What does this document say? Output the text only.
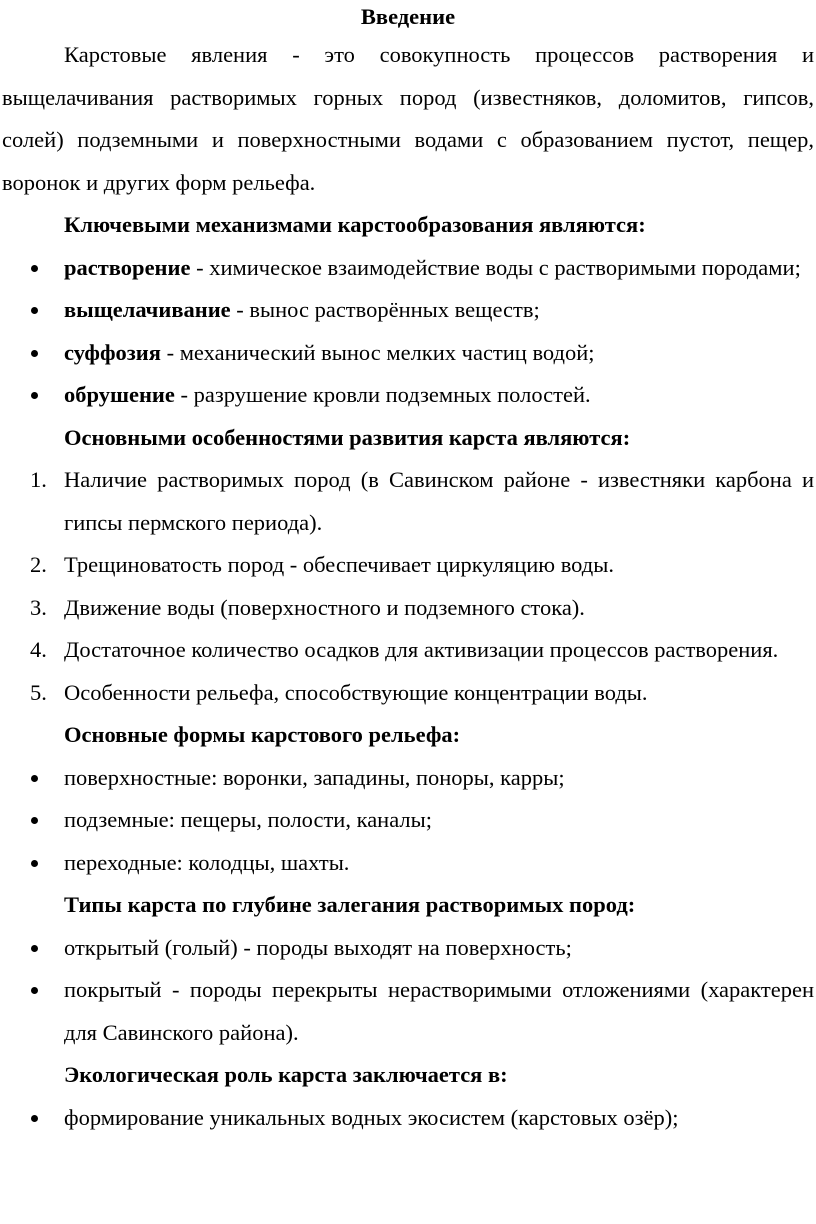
Введение

Карстовые явления - это совокупность процессов растворения и выщелачивания растворимых горных пород (известняков, доломитов, гипсов, солей) подземными и поверхностными водами с образованием пустот, пещер, воронок и других форм рельефа.

Ключевыми механизмами карстообразования являются:

растворение - химическое взаимодействие воды с растворимыми породами;
выщелачивание - вынос растворённых веществ;
суффозия - механический вынос мелких частиц водой;
обрушение - разрушение кровли подземных полостей.

Основными особенностями развития карста являются:

1. Наличие растворимых пород (в Савинском районе - известняки карбона и гипсы пермского периода).
2. Трещиноватость пород - обеспечивает циркуляцию воды.
3. Движение воды (поверхностного и подземного стока).
4. Достаточное количество осадков для активизации процессов растворения.
5. Особенности рельефа, способствующие концентрации воды.

Основные формы карстового рельефа:

поверхностные: воронки, западины, поноры, карры;
подземные: пещеры, полости, каналы;
переходные: колодцы, шахты.

Типы карста по глубине залегания растворимых пород:

открытый (голый) - породы выходят на поверхность;
покрытый - породы перекрыты нерастворимыми отложениями (характерен для Савинского района).

Экологическая роль карста заключается в:

формирование уникальных водных экосистем (карстовых озёр);
